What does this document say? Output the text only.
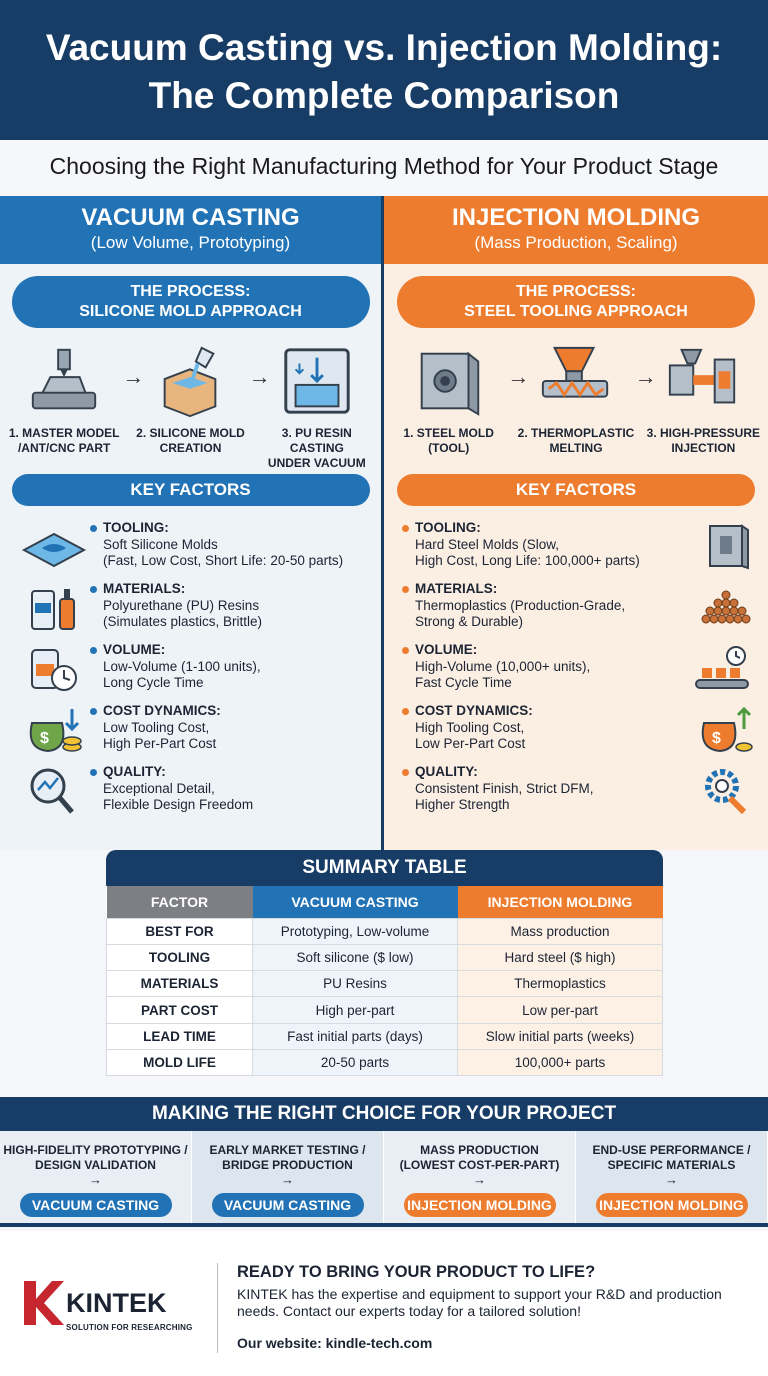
Vacuum Casting vs. Injection Molding:
The Complete Comparison
Choosing the Right Manufacturing Method for Your Product Stage
VACUUM CASTING
(Low Volume, Prototyping)
THE PROCESS:
SILICONE MOLD APPROACH
1. MASTER MODEL
/ANT/CNC PART
→
2. SILICONE MOLD
CREATION
→
3. PU RESIN CASTING
UNDER VACUUM
KEY FACTORS
TOOLING:
Soft Silicone Molds
(Fast, Low Cost, Short Life: 20-50 parts)
MATERIALS:
Polyurethane (PU) Resins
(Simulates plastics, Brittle)
VOLUME:
Low-Volume (1-100 units),
Long Cycle Time
$
COST DYNAMICS:
Low Tooling Cost,
High Per-Part Cost
QUALITY:
Exceptional Detail,
Flexible Design Freedom
INJECTION MOLDING
(Mass Production, Scaling)
THE PROCESS:
STEEL TOOLING APPROACH
1. STEEL MOLD
(TOOL)
→
2. THERMOPLASTIC
MELTING
→
3. HIGH-PRESSURE
INJECTION
KEY FACTORS
TOOLING:
Hard Steel Molds (Slow,
High Cost, Long Life: 100,000+ parts)
MATERIALS:
Thermoplastics (Production-Grade,
Strong & Durable)
VOLUME:
High-Volume (10,000+ units),
Fast Cycle Time
$
COST DYNAMICS:
High Tooling Cost,
Low Per-Part Cost
QUALITY:
Consistent Finish, Strict DFM,
Higher Strength
SUMMARY TABLE
FACTOR	VACUUM CASTING	INJECTION MOLDING
BEST FOR	Prototyping, Low-volume	Mass production
TOOLING	Soft silicone ($ low)	Hard steel ($ high)
MATERIALS	PU Resins	Thermoplastics
PART COST	High per-part	Low per-part
LEAD TIME	Fast initial parts (days)	Slow initial parts (weeks)
MOLD LIFE	20-50 parts	100,000+ parts
MAKING THE RIGHT CHOICE FOR YOUR PROJECT
HIGH-FIDELITY PROTOTYPING /
DESIGN VALIDATION
→
VACUUM CASTING
EARLY MARKET TESTING /
BRIDGE PRODUCTION
→
VACUUM CASTING
MASS PRODUCTION
(LOWEST COST-PER-PART)
→
INJECTION MOLDING
END-USE PERFORMANCE /
SPECIFIC MATERIALS
→
INJECTION MOLDING
KINTEK
SOLUTION FOR RESEARCHING
READY TO BRING YOUR PRODUCT TO LIFE?
KINTEK has the expertise and equipment to support your R&D and production
needs. Contact our experts today for a tailored solution!
Our website: kindle-tech.com
